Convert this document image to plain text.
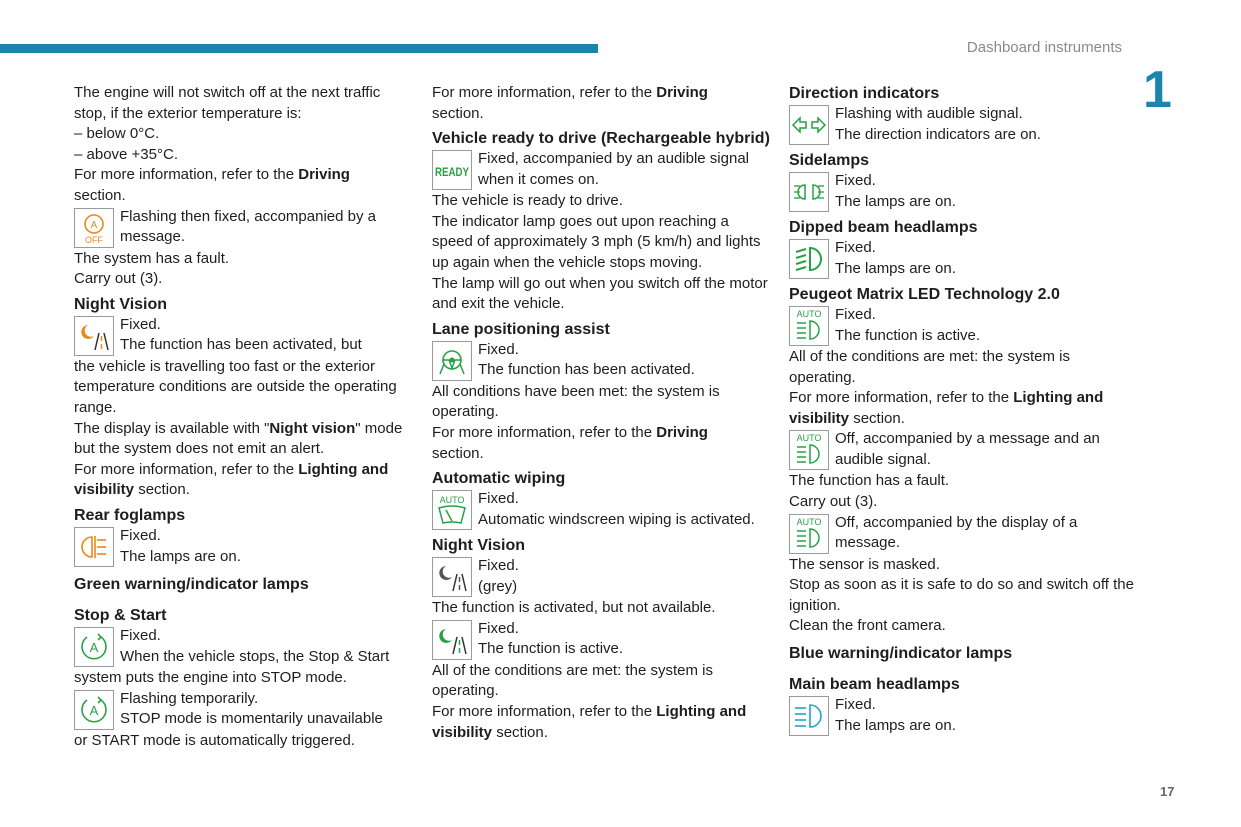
Dashboard instruments
1
17

The engine will not switch off at the next traffic stop, if the exterior temperature is:

– below 0°C.

– above +35°C.

For more information, refer to the Driving
section.

A
OFF
Flashing then fixed, accompanied by a message.

The system has a fault.

Carry out (3).

Night Vision
Fixed.
The function has been activated, but

the vehicle is travelling too fast or the exterior temperature conditions are outside the operating range.

The display is available with "Night vision" mode but the system does not emit an alert.

For more information, refer to the Lighting and
visibility section.

Rear foglamps
Fixed.
The lamps are on.
Green warning/indicator lamps
Stop & Start
A
Fixed.
When the vehicle stops, the Stop & Start

system puts the engine into STOP mode.

A
Flashing temporarily.
STOP mode is momentarily unavailable

or START mode is automatically triggered.

For more information, refer to the Driving
section.

Vehicle ready to drive (Rechargeable hybrid)
READY
Fixed, accompanied by an audible signal when it comes on.

The vehicle is ready to drive.

The indicator lamp goes out upon reaching a speed of approximately 3 mph (5 km/h) and lights up again when the vehicle stops moving.

The lamp will go out when you switch off the motor and exit the vehicle.

Lane positioning assist
Fixed.
The function has been activated.

All conditions have been met: the system is operating.

For more information, refer to the Driving
section.

Automatic wiping
AUTO Fixed.
Automatic windscreen wiping is activated.
Night Vision
Fixed.
(grey)

The function is activated, but not available.

Fixed.
The function is active.

All of the conditions are met: the system is operating.

For more information, refer to the Lighting and
visibility section.

Direction indicators
Flashing with audible signal.
The direction indicators are on.
Sidelamps
Fixed.
The lamps are on.
Dipped beam headlamps
Fixed.
The lamps are on.
Peugeot Matrix LED Technology 2.0
AUTO Fixed.
The function is active.

All of the conditions are met: the system is operating.

For more information, refer to the Lighting and
visibility section.

AUTO Off, accompanied by a message and an audible signal.

The function has a fault.

Carry out (3).

AUTO Off, accompanied by the display of a message.

The sensor is masked.

Stop as soon as it is safe to do so and switch off the ignition.

Clean the front camera.

Blue warning/indicator lamps
Main beam headlamps
Fixed.
The lamps are on.
